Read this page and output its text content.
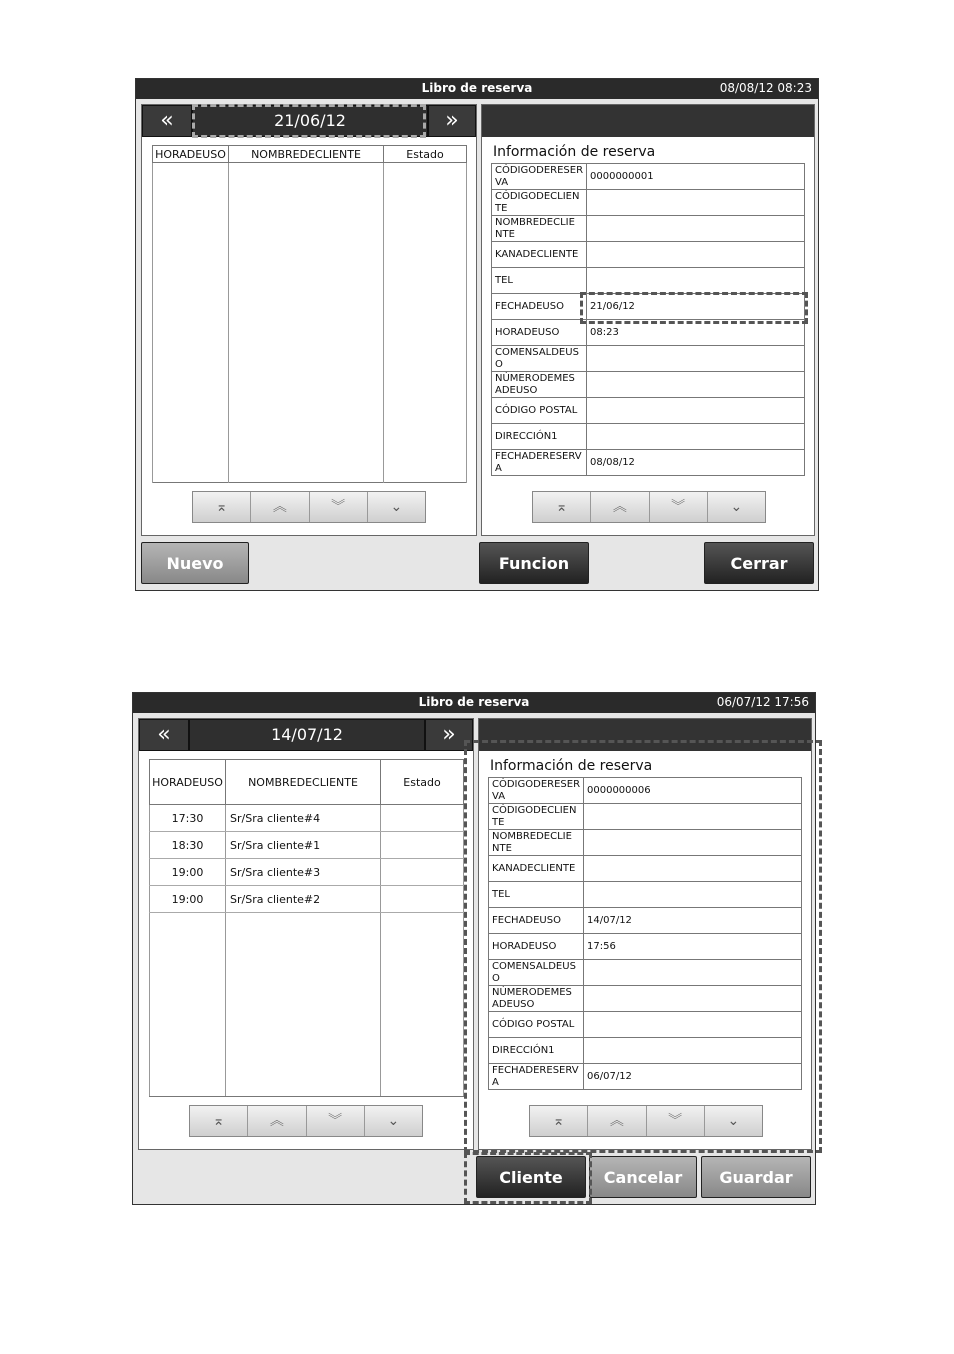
Libro de reserva	08/08/12 08:23
«	21/06/12	»
HORADEUSO	NOMBREDECLIENTE	Estado

⌅	︽	︾	⌄
Información de reserva
CÓDIGODERESER VA	0000000001
CÓDIGODECLIEN TE	
NOMBREDECLIE NTE	
KANADECLIENTE	
TEL	
FECHADEUSO	21/06/12
HORADEUSO	08:23
COMENSALDEUS O	
NÚMERODEMES ADEUSO	
CÓDIGO POSTAL	
DIRECCIÓN1	
FECHADERESERV A	08/08/12
⌅	︽	︾	⌄
Nuevo	Funcion	Cerrar
Libro de reserva	06/07/12 17:56
«	14/07/12	»
HORADEUSO	NOMBREDECLIENTE	Estado
17:30	Sr/Sra cliente#4	
18:30	Sr/Sra cliente#1	
19:00	Sr/Sra cliente#3	
19:00	Sr/Sra cliente#2	

⌅	︽	︾	⌄
Información de reserva
CÓDIGODERESER VA	0000000006
CÓDIGODECLIEN TE	
NOMBREDECLIE NTE	
KANADECLIENTE	
TEL	
FECHADEUSO	14/07/12
HORADEUSO	17:56
COMENSALDEUS O	
NÚMERODEMES ADEUSO	
CÓDIGO POSTAL	
DIRECCIÓN1	
FECHADERESERV A	06/07/12
⌅	︽	︾	⌄
Cliente	Cancelar	Guardar
